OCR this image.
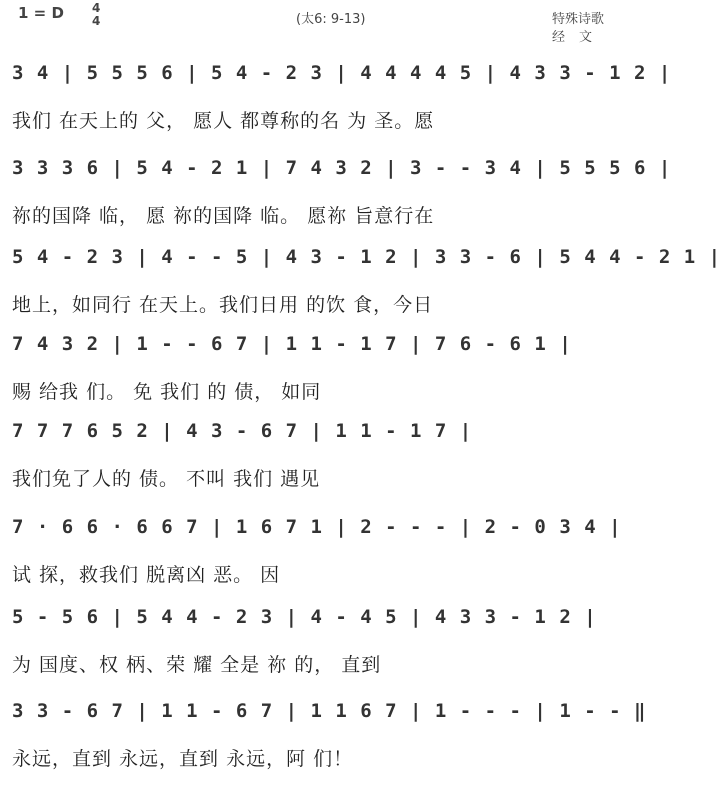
1 = D 4
4	(太6: 9-13)	特殊诗歌
经文
3 4 | 5 5 5 6 | 5 4 - 2 3 | 4 4 4 4 5 | 4 3 3 - 1 2 |
我们 在天上的 父， 愿人 都尊称的名 为 圣。愿
3 3 3 6 | 5 4 - 2 1 | 7 4 3 2 | 3 - - 3 4 | 5 5 5 6 |
祢的国降 临， 愿 祢的国降 临。 愿祢 旨意行在
5 4 - 2 3 | 4 - - 5 | 4 3 - 1 2 | 3 3 - 6 | 5 4 4 - 2 1 |
地上，如同行 在天上。我们日用 的饮 食，今日
7 4 3 2 | 1 - - 6 7 | 1 1 - 1 7 | 7 6 - 6 1 |
赐 给我 们。 免 我们 的 债， 如同
7 7 7 6 5 2 | 4 3 - 6 7 | 1 1 - 1 7 |
我们免了人的 债。 不叫 我们 遇见
7 · 6 6 · 6 6 7 | 1 6 7 1 | 2 - - - | 2 - 0 3 4 |
试 探，救我们 脱离凶 恶。 因
5 - 5 6 | 5 4 4 - 2 3 | 4 - 4 5 | 4 3 3 - 1 2 |
为 国度、权 柄、荣 耀 全是 祢 的， 直到
3 3 - 6 7 | 1 1 - 6 7 | 1 1 6 7 | 1 - - - | 1 - - ‖
永远，直到 永远，直到 永远，阿 们！
